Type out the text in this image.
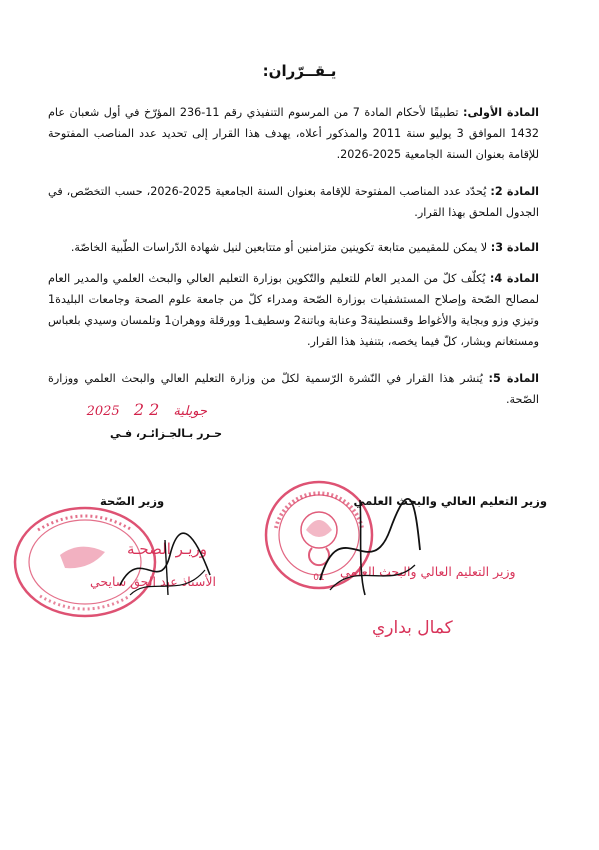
يـقــرّران:

المادة الأولى: تطبيقًا لأحكام المادة 7 من المرسوم التنفيذي رقم 11-236 المؤرّخ في أول شعبان عام 1432 الموافق 3 يوليو سنة 2011 والمذكور أعلاه، يهدف هذا القرار إلى تحديد عدد المناصب المفتوحة للإقامة بعنوان السنة الجامعية 2025-2026.

المادة 2: يُحدّد عدد المناصب المفتوحة للإقامة بعنوان السنة الجامعية 2025-2026، حسب التخصّص، في الجدول الملحق بهذا القرار.

المادة 3: لا يمكن للمقيمين متابعة تكوينين متزامنين أو متتابعين لنيل شهادة الدّراسات الطّبية الخاصّة.

المادة 4: يُكلّف كلّ من المدير العام للتعليم والتّكوين بوزارة التعليم العالي والبحث العلمي والمدير العام لمصالح الصّحة وإصلاح المستشفيات بوزارة الصّحة ومدراء كلّ من جامعة علوم الصحة وجامعات البليدة1 وتيزي وزو وبجاية والأغواط وقسنطينة3 وعنابة وباتنة2 وسطيف1 وورقلة ووهران1 وتلمسان وسيدي بلعباس ومستغانم وبشار، كلّ فيما يخصه، بتنفيذ هذا القرار.

المادة 5: يُنشر هذا القرار في النّشرة الرّسمية لكلّ من وزارة التعليم العالي والبحث العلمي ووزارة الصّحة.

2025	جويلية 2 2
حـرر بـالجـزائـر، فـي
01
وزير الصّحة	وزير التعليم العالي والبحث العلمي
وزيـر الصحـة
الأستاذ عبد الحق سايحي
وزير التعليم العالي والبحث العلمي
كمال بداري
